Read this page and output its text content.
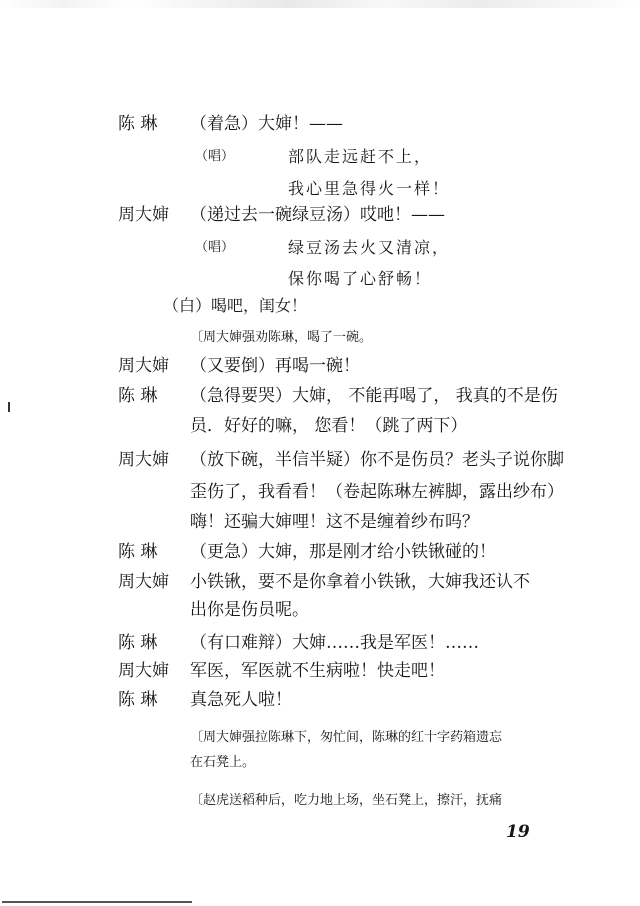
陈 琳	（着急）大婶！——
（唱）	部队走远赶不上，
我心里急得火一样！
周大婶	（递过去一碗绿豆汤）哎吔！——
（唱）	绿豆汤去火又清凉，
保你喝了心舒畅！
（白）喝吧，闺女！
〔周大婶强劝陈琳，喝了一碗。
周大婶	（又要倒）再喝一碗！
陈 琳	（急得要哭）大婶， 不能再喝了， 我真的不是伤
员．好好的嘛， 您看！（跳了两下）
周大婶	（放下碗，半信半疑）你不是伤员？老头子说你脚
歪伤了，我看看！（卷起陈琳左裤脚，露出纱布）
嗨！还骗大婶哩！这不是缠着纱布吗？
陈 琳	（更急）大婶，那是刚才给小铁锹碰的！
周大婶	小铁锹，要不是你拿着小铁锹，大婶我还认不
出你是伤员呢。
陈 琳	（有口难辩）大婶……我是军医！……
周大婶	军医，军医就不生病啦！快走吧！
陈 琳	真急死人啦！
〔周大婶强拉陈琳下，匆忙间，陈琳的红十字药箱遗忘
在石凳上。
〔赵虎送稻种后，吃力地上场，坐石凳上，擦汗，抚痛
19
